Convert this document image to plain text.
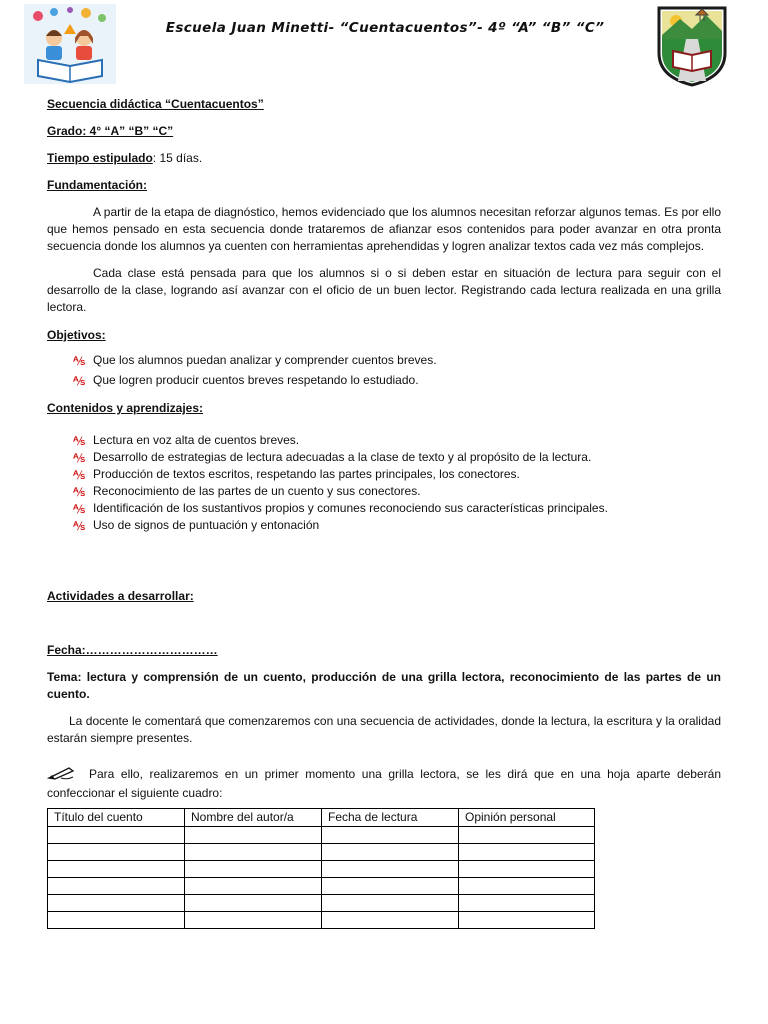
Escuela Juan Minetti- “Cuentacuentos”- 4º “A” “B” “C”

Secuencia didáctica “Cuentacuentos”

Grado: 4° “A” “B” “C”

Tiempo estipulado: 15 días.

Fundamentación:

A partir de la etapa de diagnóstico, hemos evidenciado que los alumnos necesitan reforzar algunos temas. Es por ello que hemos pensado en esta secuencia donde trataremos de afianzar esos contenidos para poder avanzar en otra pronta secuencia donde los alumnos ya cuenten con herramientas aprehendidas y logren analizar textos cada vez más complejos.

Cada clase está pensada para que los alumnos si o si deben estar en situación de lectura para seguir con el desarrollo de la clase, logrando así avanzar con el oficio de un buen lector. Registrando cada lectura realizada en una grilla lectora.

Objetivos:

⅍ Que los alumnos puedan analizar y comprender cuentos breves.
⅍ Que logren producir cuentos breves respetando lo estudiado.

Contenidos y aprendizajes:

⅍ Lectura en voz alta de cuentos breves.
⅍ Desarrollo de estrategias de lectura adecuadas a la clase de texto y al propósito de la lectura.
⅍ Producción de textos escritos, respetando las partes principales, los conectores.
⅍ Reconocimiento de las partes de un cuento y sus conectores.
⅍ Identificación de los sustantivos propios y comunes reconociendo sus características principales.
⅍ Uso de signos de puntuación y entonación

Actividades a desarrollar:

Fecha:……………………………

Tema: lectura y comprensión de un cuento, producción de una grilla lectora, reconocimiento de las partes de un cuento.

La docente le comentará que comenzaremos con una secuencia de actividades, donde la lectura, la escritura y la oralidad estarán siempre presentes.

Para ello, realizaremos en un primer momento una grilla lectora, se les dirá que en una hoja aparte deberán confeccionar el siguiente cuadro:

Título del cuento	Nombre del autor/a	Fecha de lectura	Opinión personal
